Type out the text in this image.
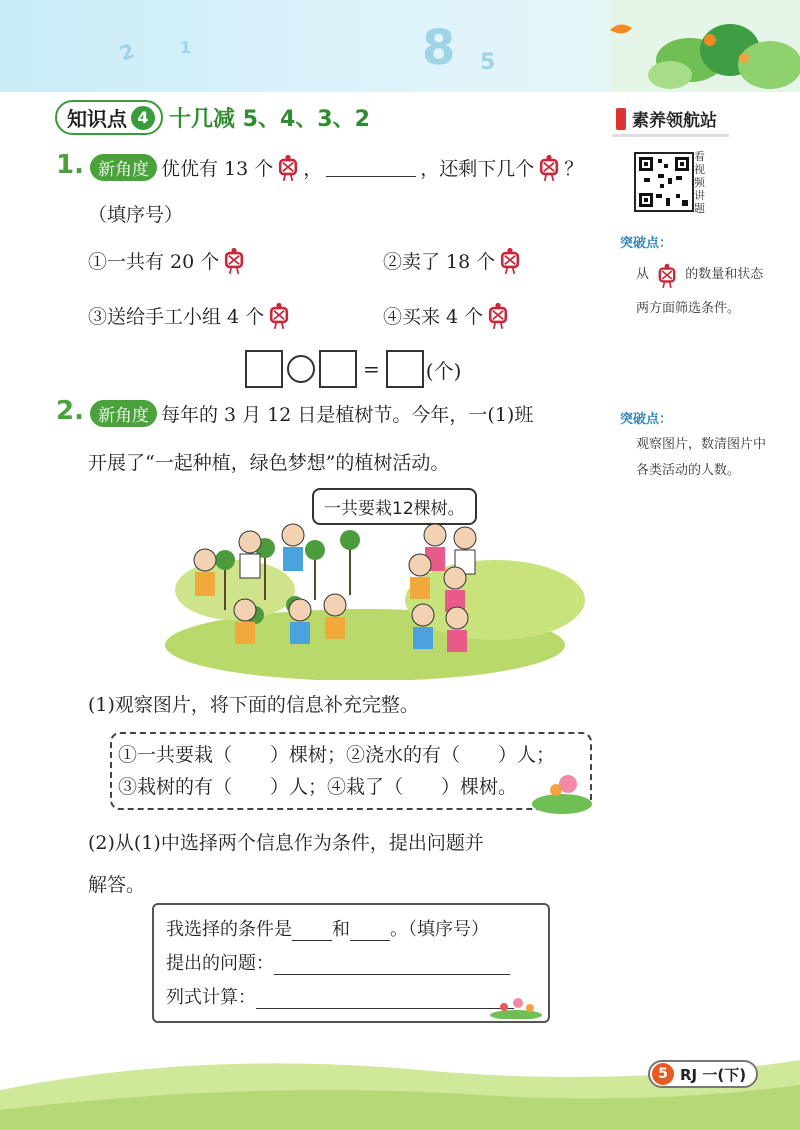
2	1	8 5
知识点 4 十几减 5、4、3、2	素养领航站
看视频讲题
突破点：
从	的数量和状态两方面筛选条件。
突破点：
观察图片，数清图片中各类活动的人数。
1. 新角度 优优有 13 个 ，	，还剩下几个 ？
（填序号）
①一共有 20 个	②卖了 18 个
③送给手工小组 4 个	④买来 4 个
= (个)
2. 新角度 每年的 3 月 12 日是植树节。今年，一(1)班
开展了“一起种植，绿色梦想”的植树活动。
一共要栽12棵树。
(1)观察图片，将下面的信息补充完整。
①一共要栽（　　）棵树；②浇水的有（　　）人；
③栽树的有（　　）人；④栽了（　　）棵树。
(2)从(1)中选择两个信息作为条件，提出问题并
解答。
我选择的条件是 和 。（填序号）
提出的问题：
列式计算：
5 RJ 一(下)
